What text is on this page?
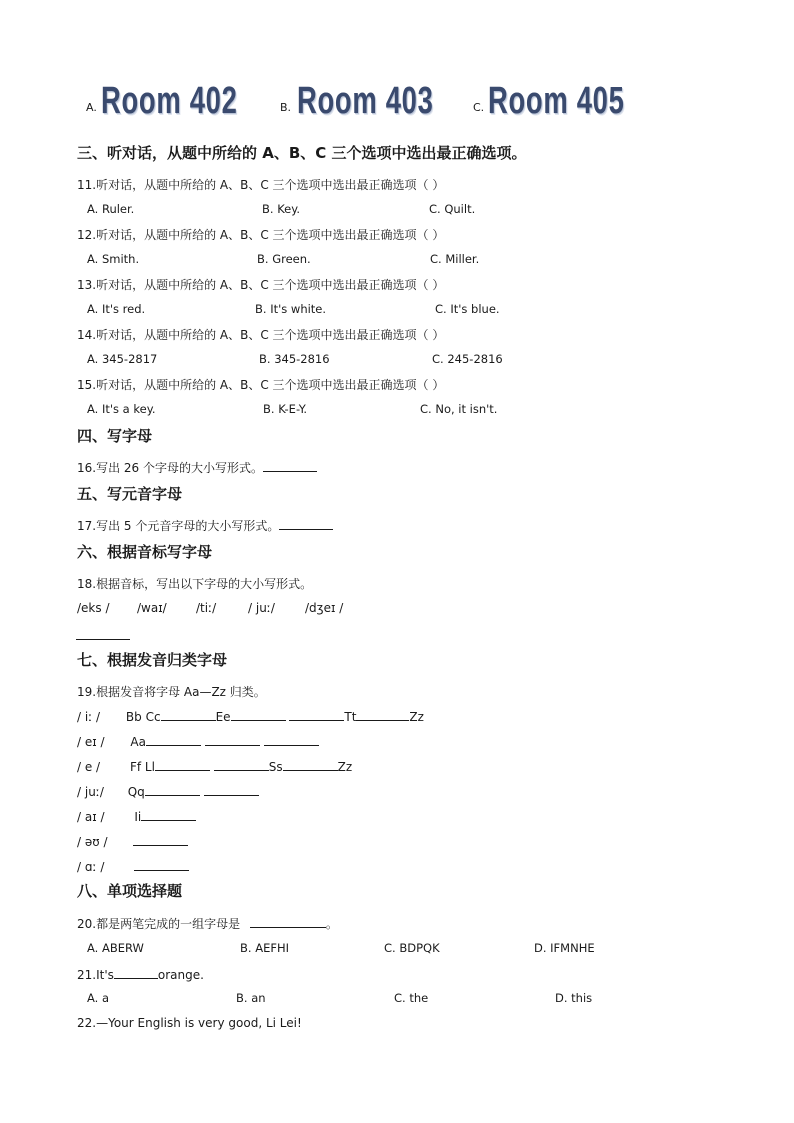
A. Room 402	B. Room 403	C. Room 405
三、听对话，从题中所给的 A、B、C 三个选项中选出最正确选项。
11.听对话，从题中所给的 A、B、C 三个选项中选出最正确选项（ ）
A. Ruler.	B. Key.	C. Quilt.
12.听对话，从题中所给的 A、B、C 三个选项中选出最正确选项（ ）
A. Smith.	B. Green.	C. Miller.
13.听对话，从题中所给的 A、B、C 三个选项中选出最正确选项（ ）
A. It's red.	B. It's white.	C. It's blue.
14.听对话，从题中所给的 A、B、C 三个选项中选出最正确选项（ ）
A. 345-2817	B. 345-2816	C. 245-2816
15.听对话，从题中所给的 A、B、C 三个选项中选出最正确选项（ ）
A. It's a key.	B. K-E-Y.	C. No, it isn't.
四、写字母
16.写出 26 个字母的大小写形式。
五、写元音字母
17.写出 5 个元音字母的大小写形式。
六、根据音标写字母
18.根据音标，写出以下字母的大小写形式。
/eks / /waɪ/ /tiː/	/ juː/	/dʒeɪ /
七、根据发音归类字母
19.根据发音将字母 Aa—Zz 归类。
/ iː / Bb Cc	Ee	Tt	Zz
/ eɪ / Aa
/ e / Ff Ll	Ss	Zz
/ juː/ Qq
/ aɪ / Ii
/ əʊ /
/ ɑː /
八、单项选择题
20.都是两笔完成的一组字母是	。
A. ABERW	B. AEFHI	C. BDPQK	D. IFMNHE
21.It's	orange.
A. a	B. an	C. the	D. this
22.—Your English is very good, Li Lei!
